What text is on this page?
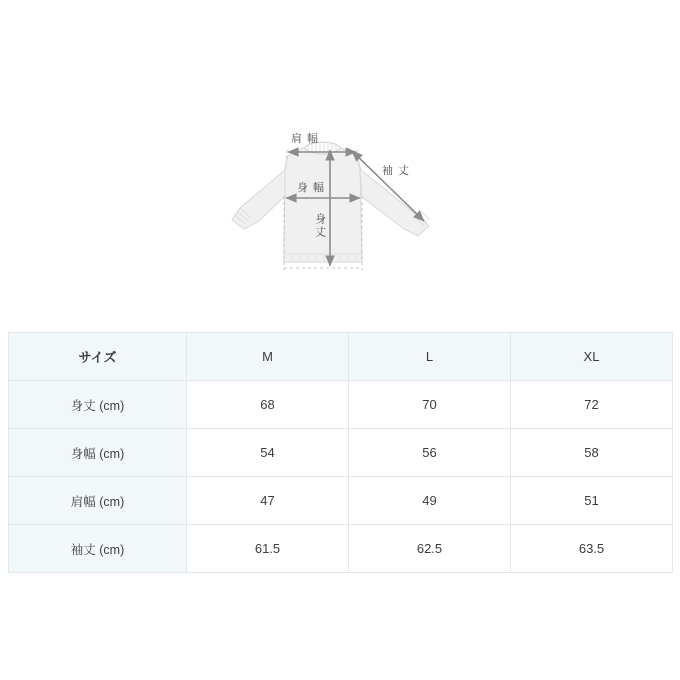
肩 幅
身 幅
袖 丈
身丈
サイズ	M	L	XL
身丈 (cm)	68	70	72
身幅 (cm)	54	56	58
肩幅 (cm)	47	49	51
袖丈 (cm)	61.5	62.5	63.5
